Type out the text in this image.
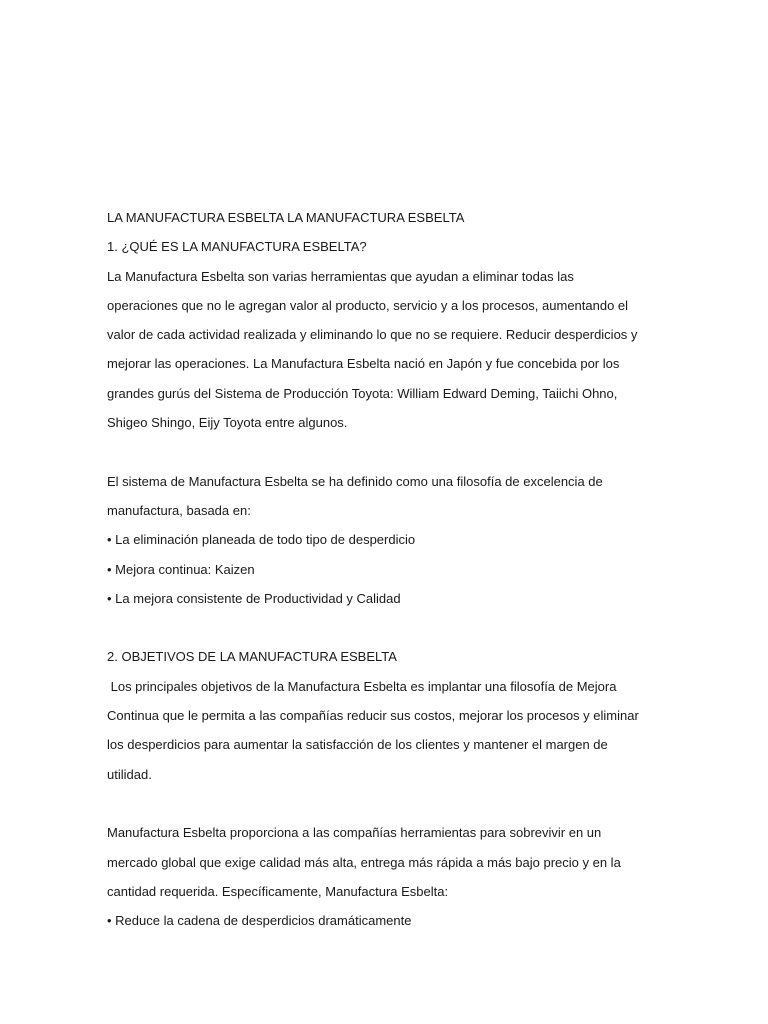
LA MANUFACTURA ESBELTA LA MANUFACTURA ESBELTA
1. ¿QUÉ ES LA MANUFACTURA ESBELTA?
La Manufactura Esbelta son varias herramientas que ayudan a eliminar todas las
operaciones que no le agregan valor al producto, servicio y a los procesos, aumentando el
valor de cada actividad realizada y eliminando lo que no se requiere. Reducir desperdicios y
mejorar las operaciones. La Manufactura Esbelta nació en Japón y fue concebida por los
grandes gurús del Sistema de Producción Toyota: William Edward Deming, Taiichi Ohno,
Shigeo Shingo, Eijy Toyota entre algunos.
El sistema de Manufactura Esbelta se ha definido como una filosofía de excelencia de
manufactura, basada en:
• La eliminación planeada de todo tipo de desperdicio
• Mejora continua: Kaizen
• La mejora consistente de Productividad y Calidad
2. OBJETIVOS DE LA MANUFACTURA ESBELTA
Los principales objetivos de la Manufactura Esbelta es implantar una filosofía de Mejora
Continua que le permita a las compañías reducir sus costos, mejorar los procesos y eliminar
los desperdicios para aumentar la satisfacción de los clientes y mantener el margen de
utilidad.
Manufactura Esbelta proporciona a las compañías herramientas para sobrevivir en un
mercado global que exige calidad más alta, entrega más rápida a más bajo precio y en la
cantidad requerida. Específicamente, Manufactura Esbelta:
• Reduce la cadena de desperdicios dramáticamente
